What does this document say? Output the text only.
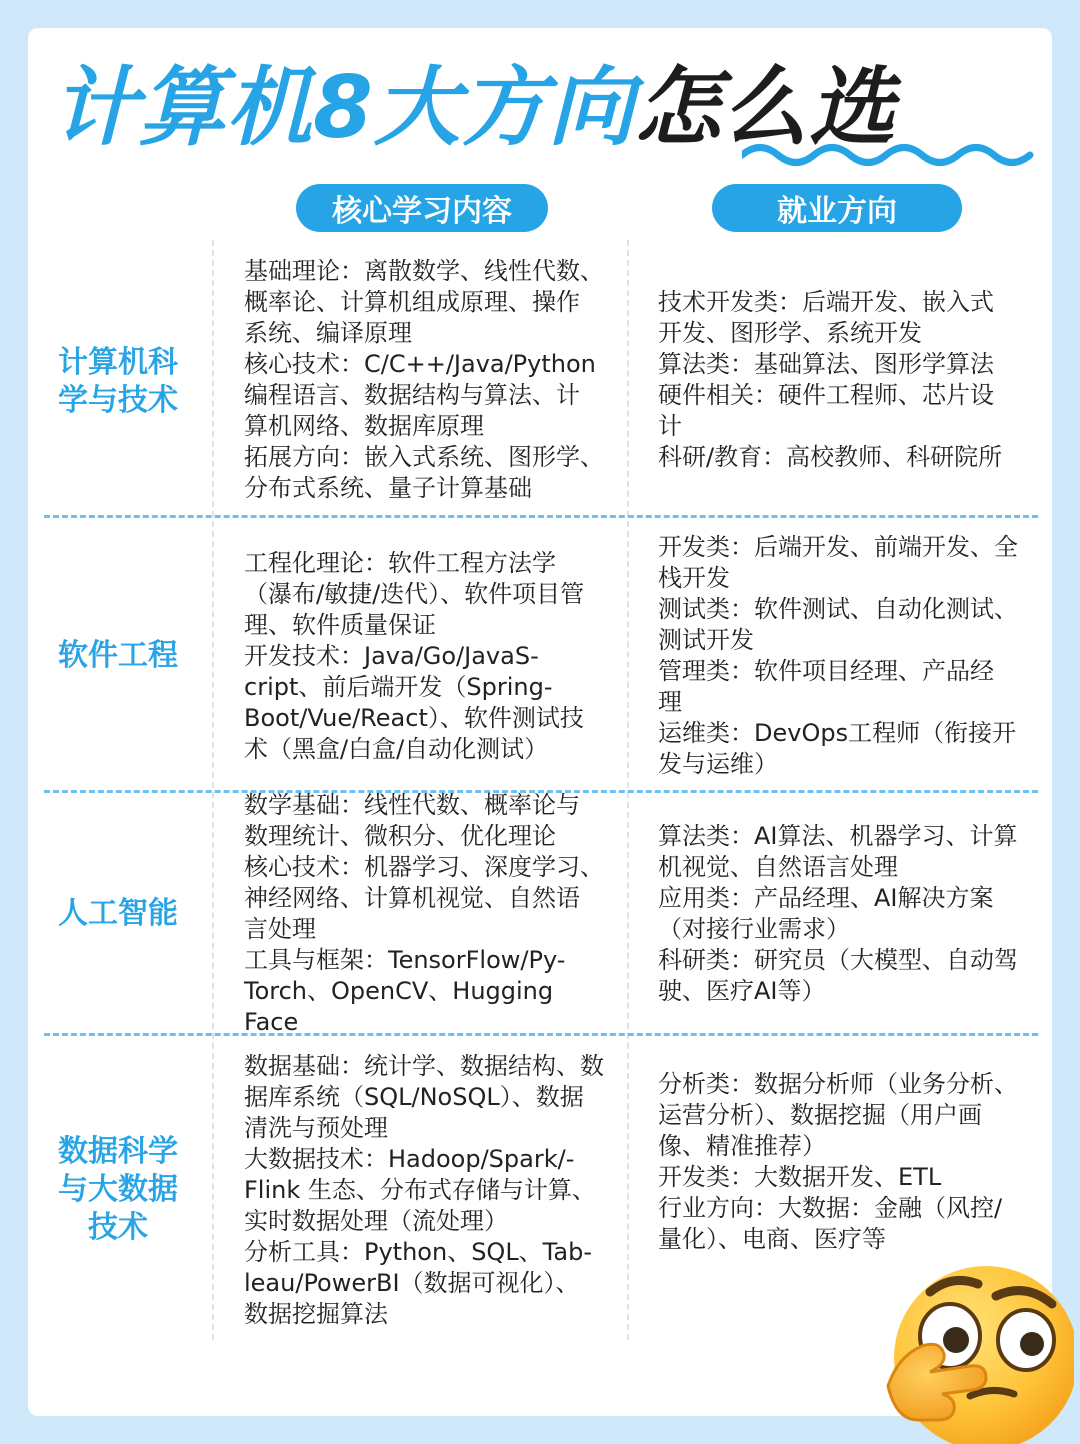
计算机8大方向怎么选
核心学习内容	就业方向
计算机科
学与技术
基础理论：离散数学、线性代数、
概率论、计算机组成原理、操作
系统、编译原理
核心技术：C/C++/Java/Python
编程语言、数据结构与算法、计
算机网络、数据库原理
拓展方向：嵌入式系统、图形学、
分布式系统、量子计算基础
技术开发类：后端开发、嵌入式
开发、图形学、系统开发
算法类：基础算法、图形学算法
硬件相关：硬件工程师、芯片设
计
科研/教育：高校教师、科研院所
软件工程
工程化理论：软件工程方法学
（瀑布/敏捷/迭代）、软件项目管
理、软件质量保证
开发技术：Java/Go/JavaS-
cript、前后端开发（Spring-
Boot/Vue/React）、软件测试技
术（黑盒/白盒/自动化测试）
开发类：后端开发、前端开发、全
栈开发
测试类：软件测试、自动化测试、
测试开发
管理类：软件项目经理、产品经
理
运维类：DevOps工程师（衔接开
发与运维）
人工智能
数学基础：线性代数、概率论与
数理统计、微积分、优化理论
核心技术：机器学习、深度学习、
神经网络、计算机视觉、自然语
言处理
工具与框架：TensorFlow/Py-
Torch、OpenCV、Hugging Face
算法类：AI算法、机器学习、计算
机视觉、自然语言处理
应用类：产品经理、AI解决方案
（对接行业需求）
科研类：研究员（大模型、自动驾
驶、医疗AI等）
数据科学
与大数据
技术
数据基础：统计学、数据结构、数
据库系统（SQL/NoSQL）、数据
清洗与预处理
大数据技术：Hadoop/Spark/-
Flink 生态、分布式存储与计算、
实时数据处理（流处理）
分析工具：Python、SQL、Tab-
leau/PowerBI（数据可视化）、
数据挖掘算法
分析类：数据分析师（业务分析、
运营分析）、数据挖掘（用户画
像、精准推荐）
开发类：大数据开发、ETL
行业方向：大数据：金融（风控/
量化）、电商、医疗等
